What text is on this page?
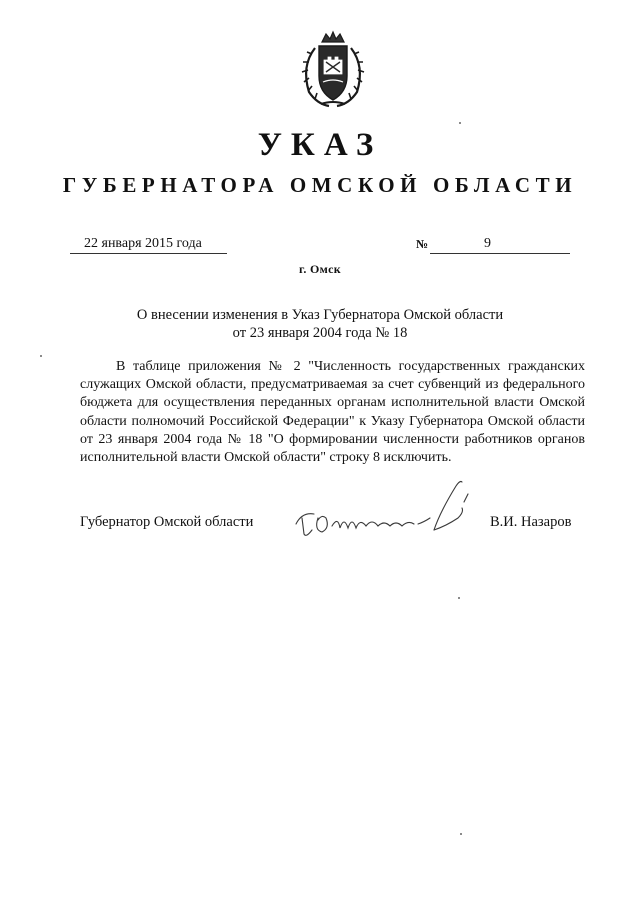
УКАЗ
ГУБЕРНАТОРА ОМСКОЙ ОБЛАСТИ
22 января 2015 года	№	9
г. Омск
О внесении изменения в Указ Губернатора Омской области
от 23 января 2004 года № 18
В таблице приложения № 2 "Численность государственных гражданских служащих Омской области, предусматриваемая за счет субвенций из федерального бюджета для осуществления переданных органам исполнительной власти Омской области полномочий Российской Федерации" к Указу Губернатора Омской области от 23 января 2004 года № 18 "О формировании численности работников органов исполнительной власти Омской области" строку 8 исключить.
Губернатор Омской области	В.И. Назаров
